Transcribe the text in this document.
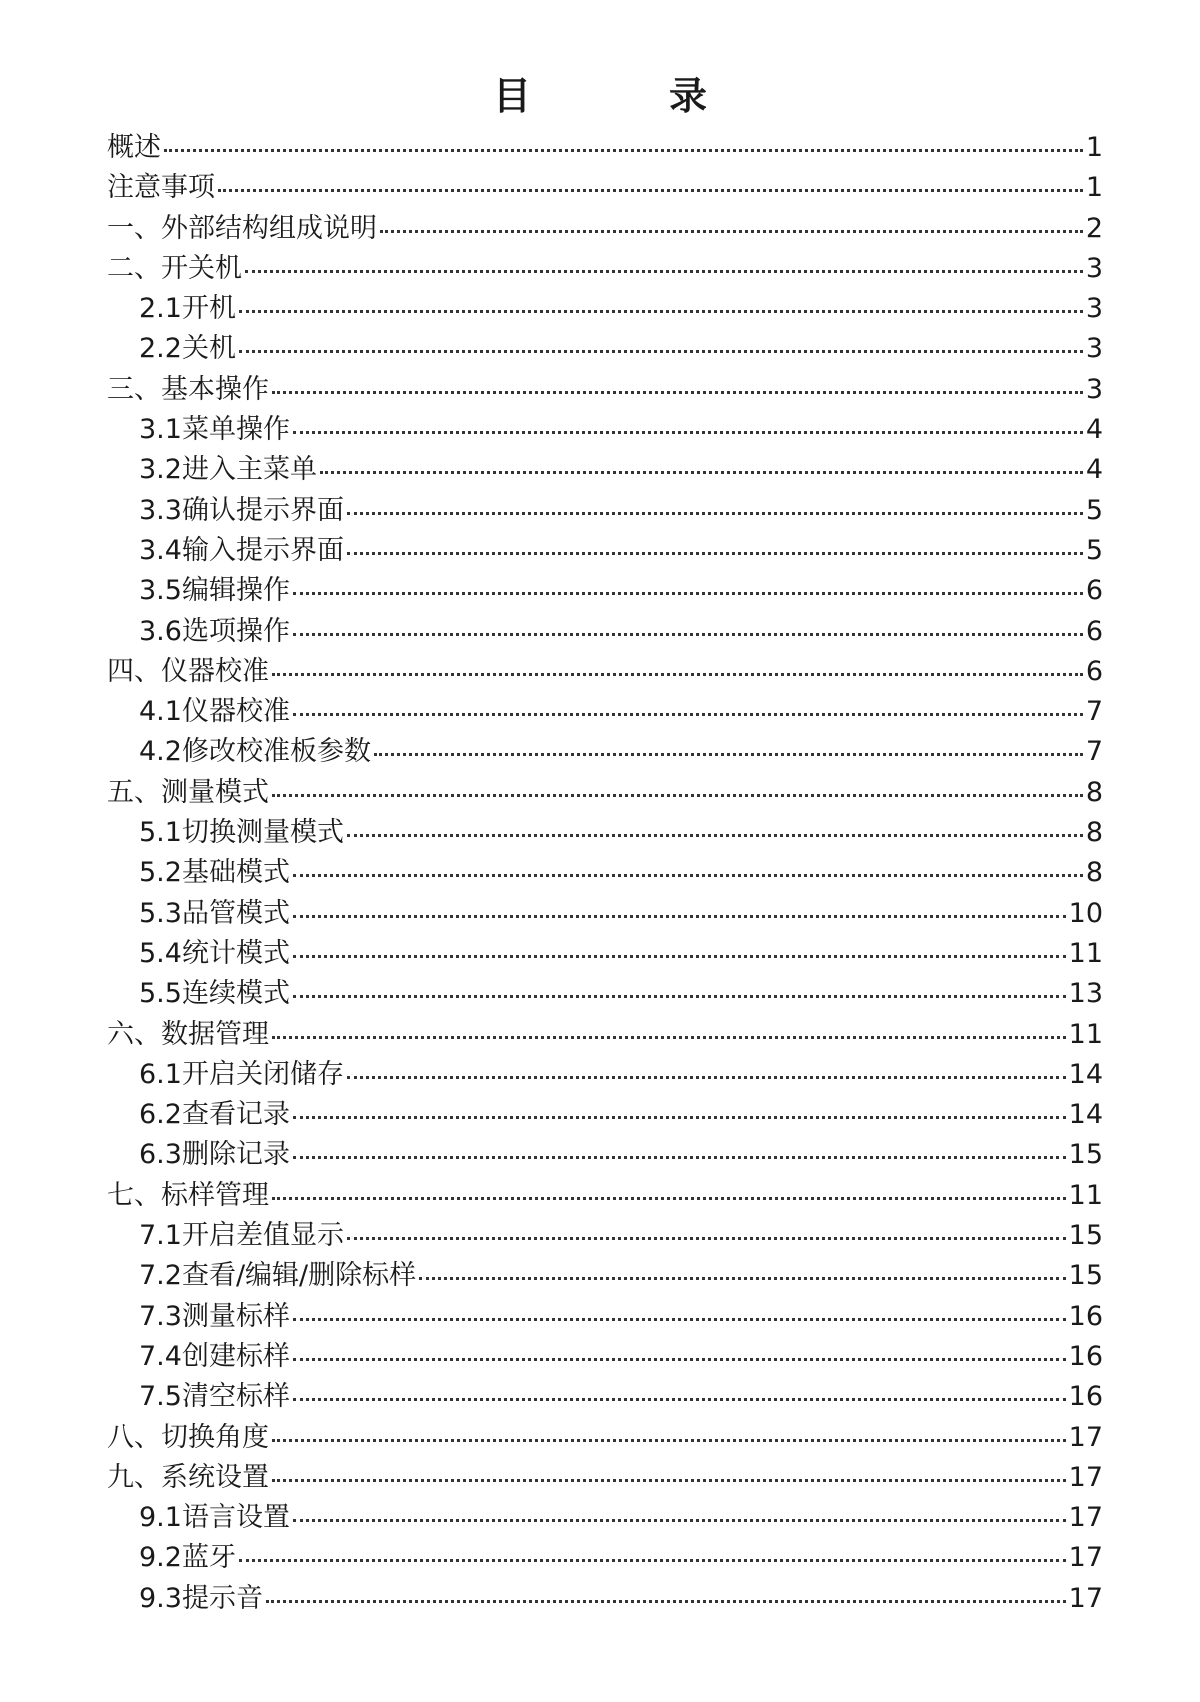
目　录
概述	1
注意事项	1
一、外部结构组成说明	2
二、开关机	3
2.1开机	3
2.2关机	3
三、基本操作	3
3.1菜单操作	4
3.2进入主菜单	4
3.3确认提示界面	5
3.4输入提示界面	5
3.5编辑操作	6
3.6选项操作	6
四、仪器校准	6
4.1仪器校准	7
4.2修改校准板参数	7
五、测量模式	8
5.1切换测量模式	8
5.2基础模式	8
5.3品管模式	10
5.4统计模式	11
5.5连续模式	13
六、数据管理	11
6.1开启关闭储存	14
6.2查看记录	14
6.3删除记录	15
七、标样管理	11
7.1开启差值显示	15
7.2查看/编辑/删除标样	15
7.3测量标样	16
7.4创建标样	16
7.5清空标样	16
八、切换角度	17
九、系统设置	17
9.1语言设置	17
9.2蓝牙	17
9.3提示音	17
